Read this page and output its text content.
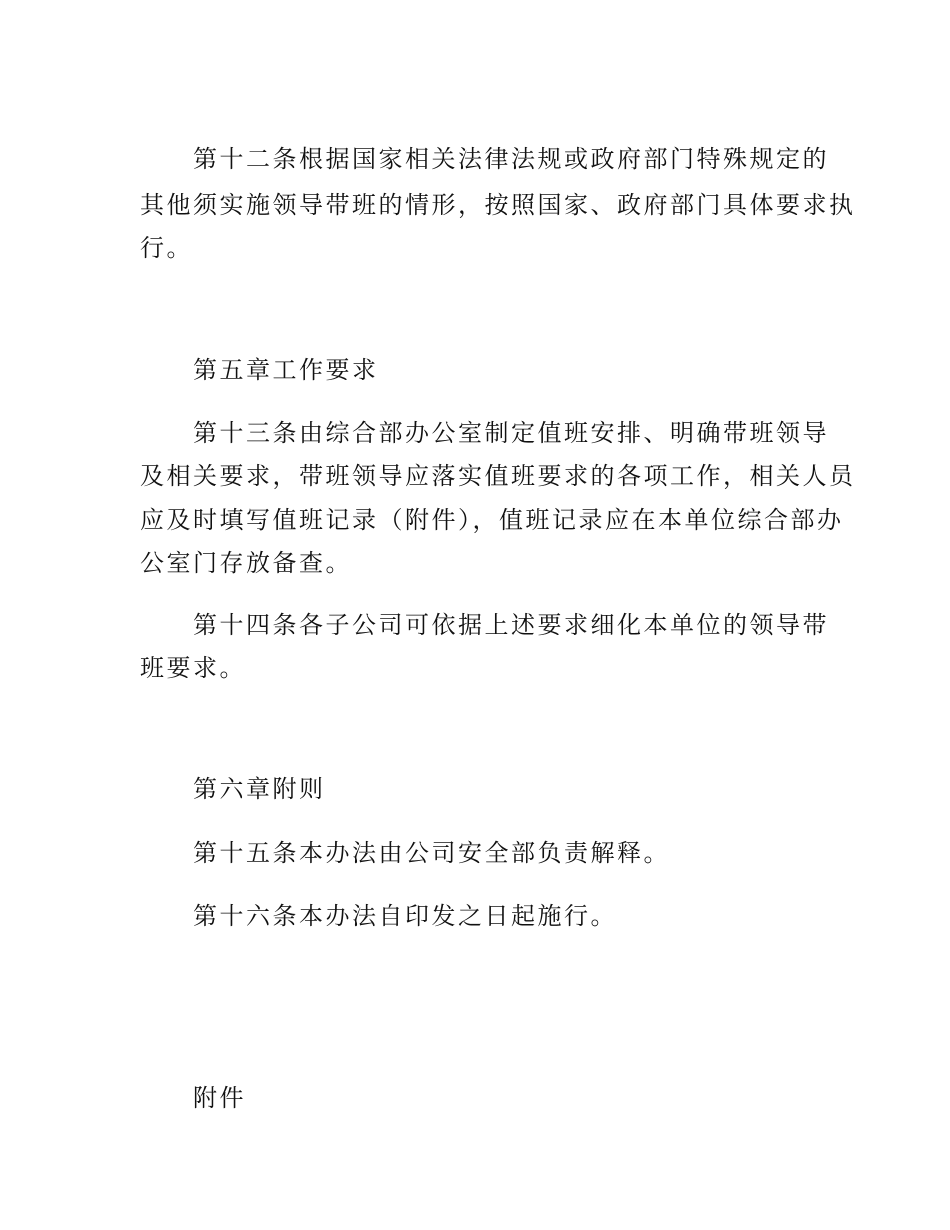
第十二条根据国家相关法律法规或政府部门特殊规定的

其他须实施领导带班的情形，按照国家、政府部门具体要求执

行。

第五章工作要求

第十三条由综合部办公室制定值班安排、明确带班领导

及相关要求，带班领导应落实值班要求的各项工作，相关人员

应及时填写值班记录（附件），值班记录应在本单位综合部办

公室门存放备查。

第十四条各子公司可依据上述要求细化本单位的领导带

班要求。

第六章附则

第十五条本办法由公司安全部负责解释。

第十六条本办法自印发之日起施行。

附件
